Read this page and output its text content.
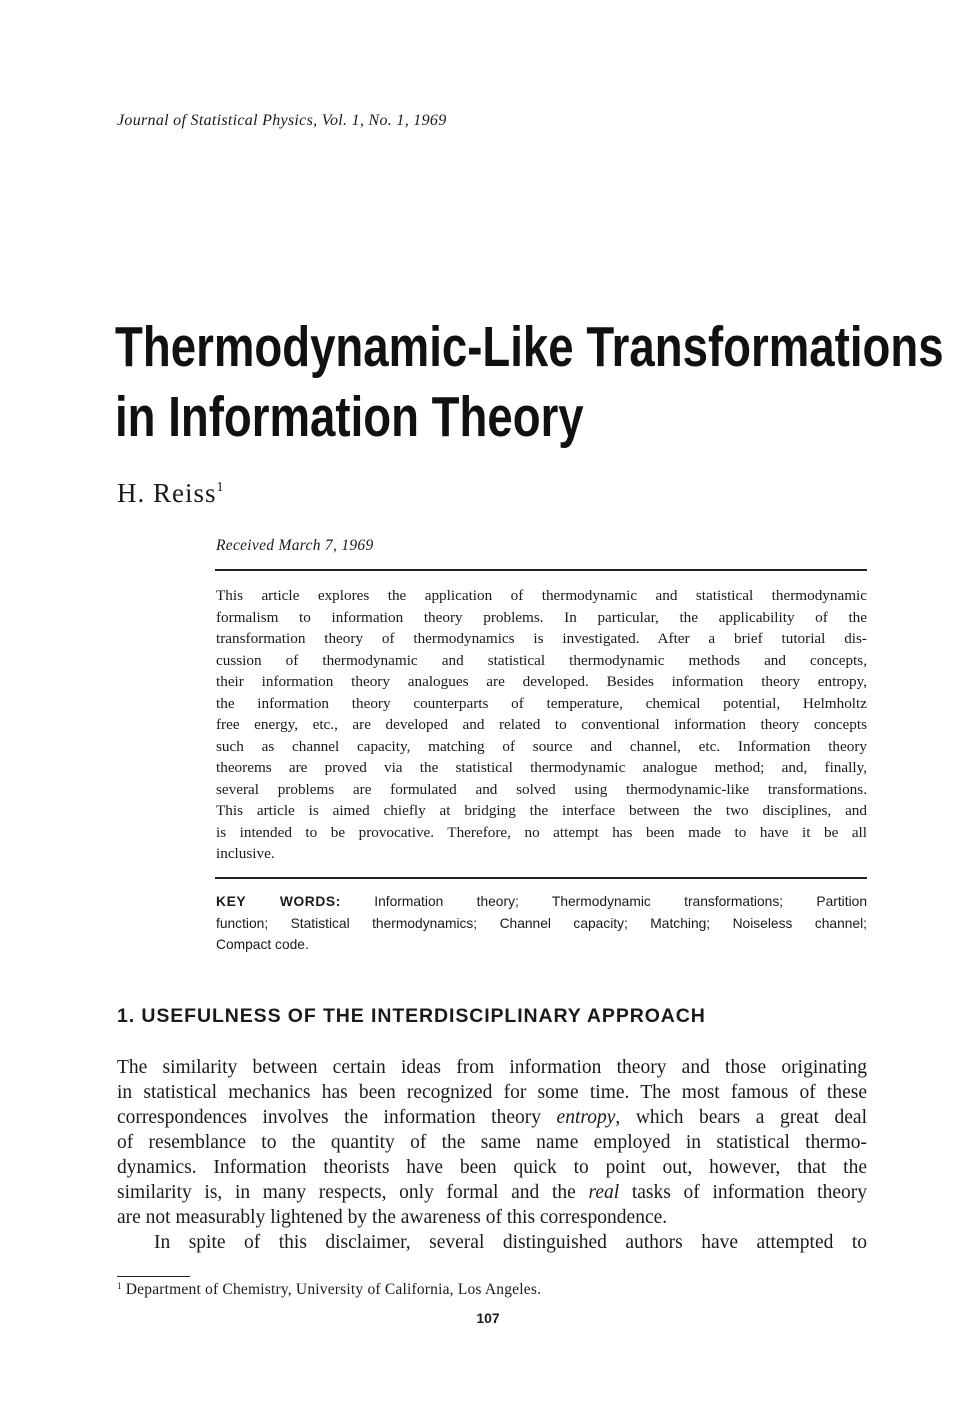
Journal of Statistical Physics, Vol. 1, No. 1, 1969
Thermodynamic-Like Transformations
in Information Theory
H. Reiss$^1$
Received March 7, 1969
This article explores the application of thermodynamic and statistical thermodynamic
formalism to information theory problems. In particular, the applicability of the
transformation theory of thermodynamics is investigated. After a brief tutorial dis-
cussion of thermodynamic and statistical thermodynamic methods and concepts,
their information theory analogues are developed. Besides information theory entropy,
the information theory counterparts of temperature, chemical potential, Helmholtz
free energy, etc., are developed and related to conventional information theory concepts
such as channel capacity, matching of source and channel, etc. Information theory
theorems are proved via the statistical thermodynamic analogue method; and, finally,
several problems are formulated and solved using thermodynamic-like transformations.
This article is aimed chiefly at bridging the interface between the two disciplines, and
is intended to be provocative. Therefore, no attempt has been made to have it be all
inclusive.
KEY WORDS: Information theory; Thermodynamic transformations; Partition
function; Statistical thermodynamics; Channel capacity; Matching; Noiseless channel;
Compact code.
1. USEFULNESS OF THE INTERDISCIPLINARY APPROACH
The similarity between certain ideas from information theory and those originating
in statistical mechanics has been recognized for some time. The most famous of these
correspondences involves the information theory entropy, which bears a great deal
of resemblance to the quantity of the same name employed in statistical thermo-
dynamics. Information theorists have been quick to point out, however, that the
similarity is, in many respects, only formal and the real tasks of information theory
are not measurably lightened by the awareness of this correspondence.
In spite of this disclaimer, several distinguished authors have attempted to
$^1$ Department of Chemistry, University of California, Los Angeles.
107
